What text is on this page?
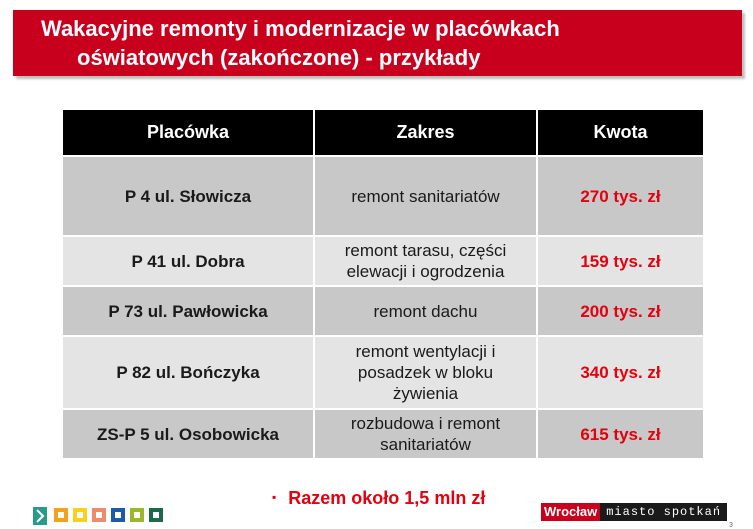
Wakacyjne remonty i modernizacje w placówkach
oświatowych (zakończone) - przykłady
Placówka	Zakres	Kwota
P 4 ul. Słowicza	remont sanitariatów	270 tys. zł
P 41 ul. Dobra	remont tarasu, części
elewacji i ogrodzenia	159 tys. zł
P 73 ul. Pawłowicka	remont dachu	200 tys. zł
P 82 ul. Bończyka	remont wentylacji i
posadzek w bloku
żywienia	340 tys. zł
ZS-P 5 ul. Osobowicka	rozbudowa i remont
sanitariatów	615 tys. zł
▪ Razem około 1,5 mln zł
Wrocław miasto spotkań
3
